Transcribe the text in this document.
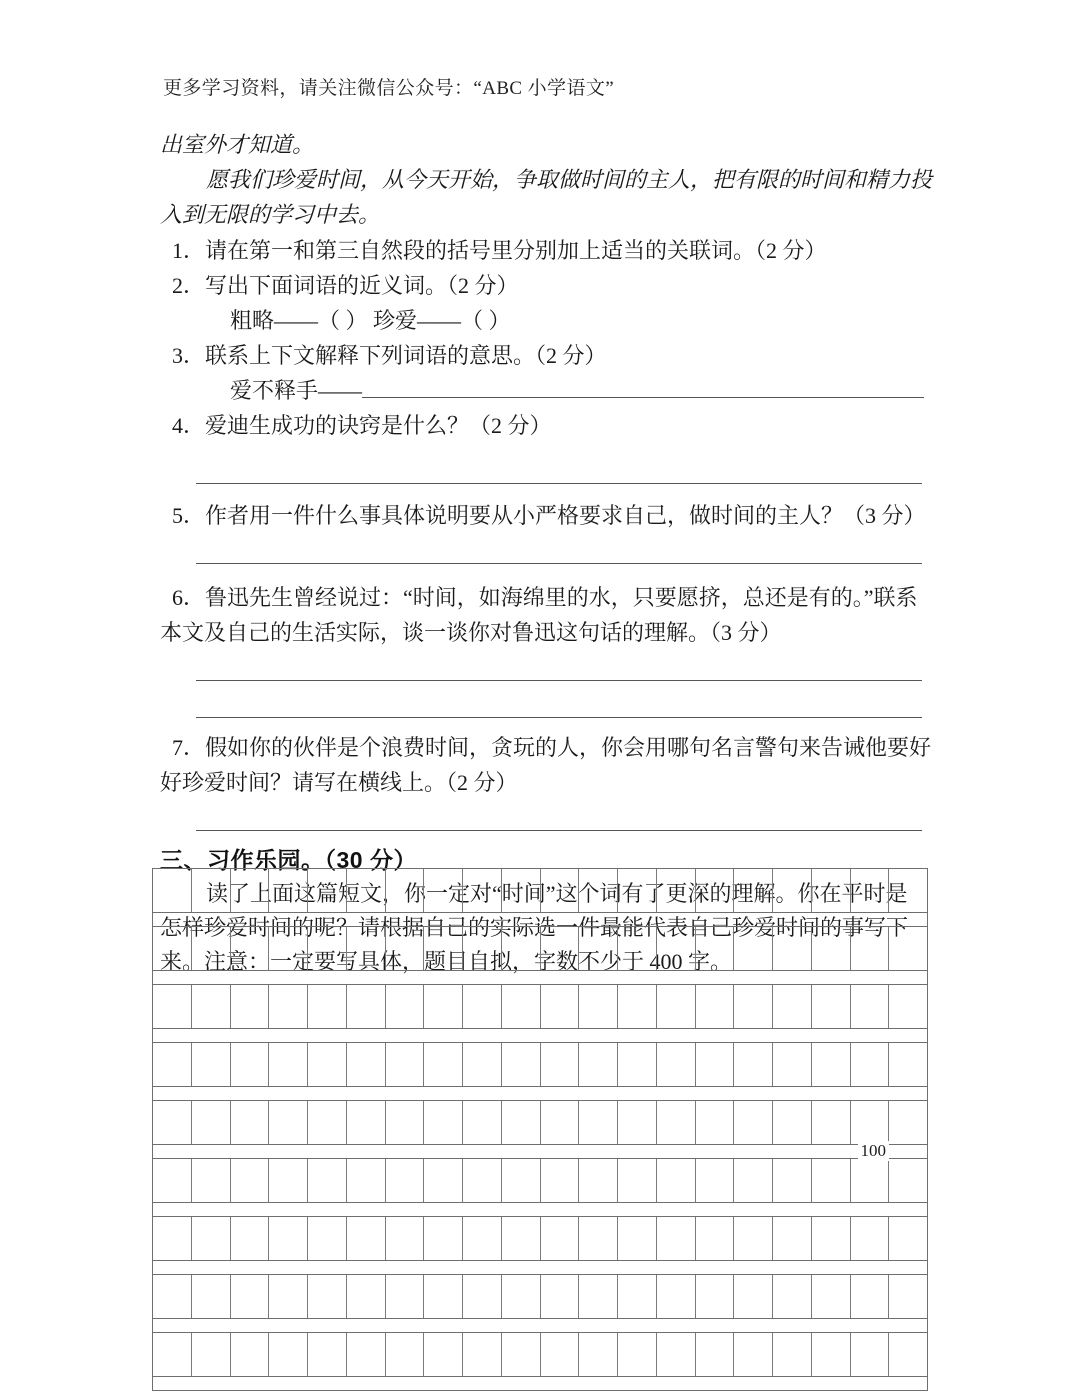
更多学习资料，请关注微信公众号：“ABC 小学语文”
出室外才知道。
愿我们珍爱时间，从今天开始，争取做时间的主人，把有限的时间和精力投
入到无限的学习中去。
1．请在第一和第三自然段的括号里分别加上适当的关联词。（2 分）
2．写出下面词语的近义词。（2 分）
粗略——（ ） 珍爱——（ ）
3．联系上下文解释下列词语的意思。（2 分）
爱不释手——
4．爱迪生成功的诀窍是什么？（2 分）
5．作者用一件什么事具体说明要从小严格要求自己，做时间的主人？（3 分）
6．鲁迅先生曾经说过：“时间，如海绵里的水，只要愿挤，总还是有的。”联系
本文及自己的生活实际，谈一谈你对鲁迅这句话的理解。（3 分）
7．假如你的伙伴是个浪费时间，贪玩的人，你会用哪句名言警句来告诫他要好
好珍爱时间？请写在横线上。（2 分）
三、习作乐园。（30 分）
读了上面这篇短文，你一定对“时间”这个词有了更深的理解。你在平时是
怎样珍爱时间的呢？请根据自己的实际选一件最能代表自己珍爱时间的事写下
来。注意：一定要写具体，题目自拟，字数不少于 400 字。
100
